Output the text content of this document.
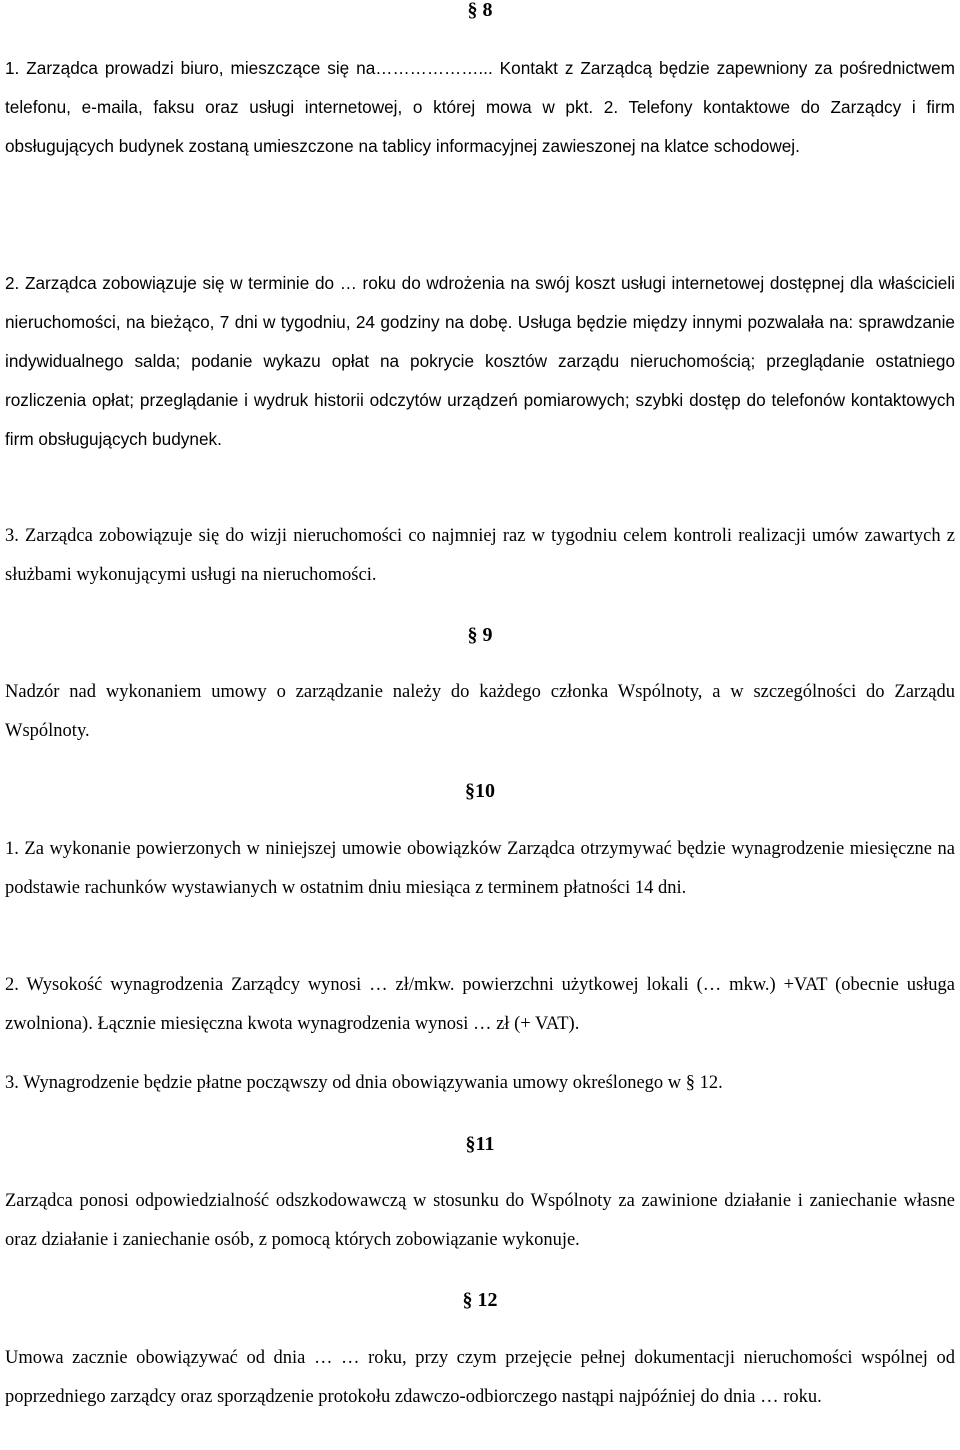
§ 8

1. Zarządca prowadzi biuro, mieszczące się na………………... Kontakt z Zarządcą będzie zapewniony za pośrednictwem telefonu, e-maila, faksu oraz usługi internetowej, o której mowa w pkt. 2. Telefony kontaktowe do Zarządcy i firm obsługujących budynek zostaną umieszczone na tablicy informacyjnej zawieszonej na klatce schodowej.

2. Zarządca zobowiązuje się w terminie do … roku do wdrożenia na swój koszt usługi internetowej dostępnej dla właścicieli nieruchomości, na bieżąco, 7 dni w tygodniu, 24 godziny na dobę. Usługa będzie między innymi pozwalała na: sprawdzanie indywidualnego salda; podanie wykazu opłat na pokrycie kosztów zarządu nieruchomością; przeglądanie ostatniego rozliczenia opłat; przeglądanie i wydruk historii odczytów urządzeń pomiarowych; szybki dostęp do telefonów kontaktowych firm obsługujących budynek.

3. Zarządca zobowiązuje się do wizji nieruchomości co najmniej raz w tygodniu celem kontroli realizacji umów zawartych z służbami wykonującymi usługi na nieruchomości.

§ 9

Nadzór nad wykonaniem umowy o zarządzanie należy do każdego członka Wspólnoty, a w szczególności do Zarządu Wspólnoty.

§10

1. Za wykonanie powierzonych w niniejszej umowie obowiązków Zarządca otrzymywać będzie wynagrodzenie miesięczne na podstawie rachunków wystawianych w ostatnim dniu miesiąca z terminem płatności 14 dni.

2. Wysokość wynagrodzenia Zarządcy wynosi … zł/mkw. powierzchni użytkowej lokali (… mkw.) +VAT (obecnie usługa zwolniona). Łącznie miesięczna kwota wynagrodzenia wynosi … zł (+ VAT).

3. Wynagrodzenie będzie płatne począwszy od dnia obowiązywania umowy określonego w § 12.

§11

Zarządca ponosi odpowiedzialność odszkodowawczą w stosunku do Wspólnoty za zawinione działanie i zaniechanie własne oraz działanie i zaniechanie osób, z pomocą których zobowiązanie wykonuje.

§ 12

Umowa zacznie obowiązywać od dnia … … roku, przy czym przejęcie pełnej dokumentacji nieruchomości wspólnej od poprzedniego zarządcy oraz sporządzenie protokołu zdawczo-odbiorczego nastąpi najpóźniej do dnia … roku.
